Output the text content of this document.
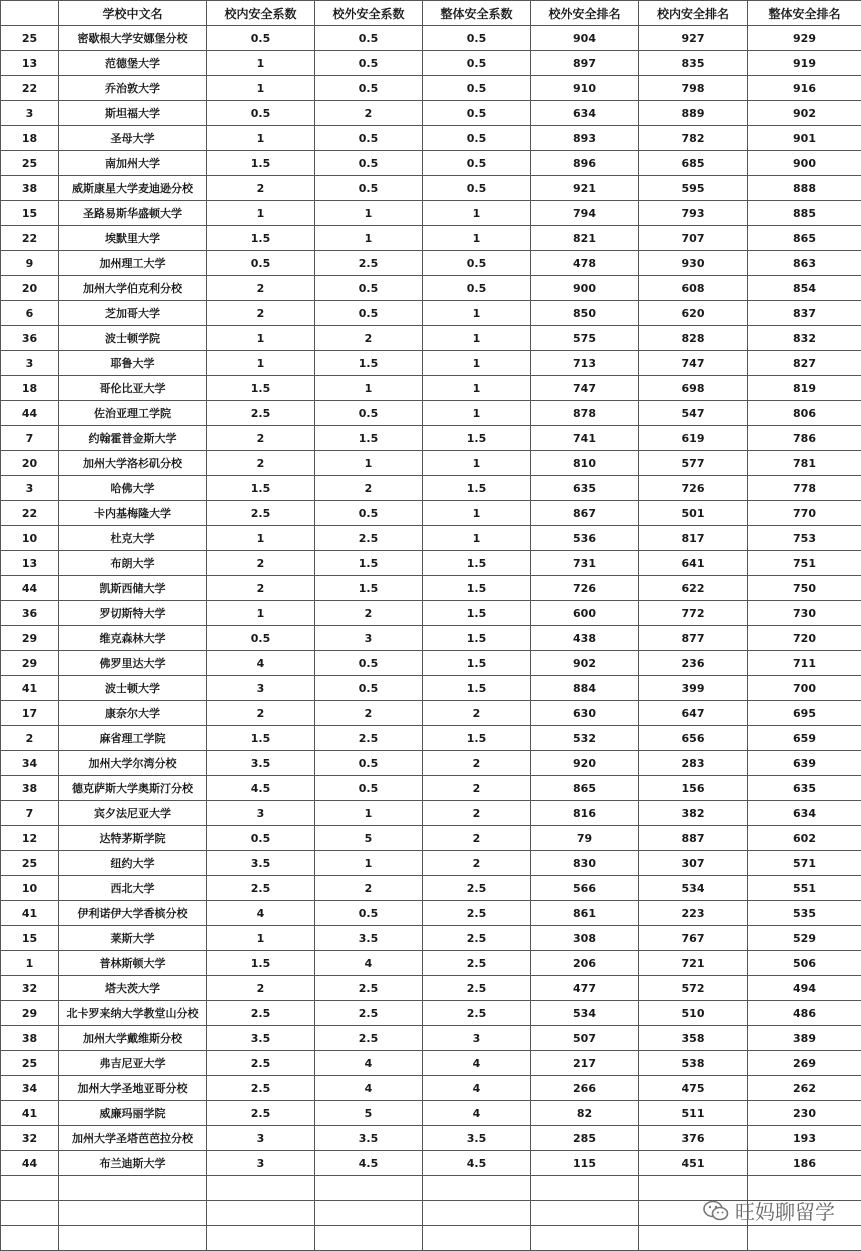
	学校中文名	校内安全系数	校外安全系数	整体安全系数	校外安全排名	校内安全排名	整体安全排名
25	密歇根大学安娜堡分校	0.5	0.5	0.5	904	927	929
13	范德堡大学	1	0.5	0.5	897	835	919
22	乔治敦大学	1	0.5	0.5	910	798	916
3	斯坦福大学	0.5	2	0.5	634	889	902
18	圣母大学	1	0.5	0.5	893	782	901
25	南加州大学	1.5	0.5	0.5	896	685	900
38	威斯康星大学麦迪逊分校	2	0.5	0.5	921	595	888
15	圣路易斯华盛顿大学	1	1	1	794	793	885
22	埃默里大学	1.5	1	1	821	707	865
9	加州理工大学	0.5	2.5	0.5	478	930	863
20	加州大学伯克利分校	2	0.5	0.5	900	608	854
6	芝加哥大学	2	0.5	1	850	620	837
36	波士顿学院	1	2	1	575	828	832
3	耶鲁大学	1	1.5	1	713	747	827
18	哥伦比亚大学	1.5	1	1	747	698	819
44	佐治亚理工学院	2.5	0.5	1	878	547	806
7	约翰霍普金斯大学	2	1.5	1.5	741	619	786
20	加州大学洛杉矶分校	2	1	1	810	577	781
3	哈佛大学	1.5	2	1.5	635	726	778
22	卡内基梅隆大学	2.5	0.5	1	867	501	770
10	杜克大学	1	2.5	1	536	817	753
13	布朗大学	2	1.5	1.5	731	641	751
44	凯斯西储大学	2	1.5	1.5	726	622	750
36	罗切斯特大学	1	2	1.5	600	772	730
29	维克森林大学	0.5	3	1.5	438	877	720
29	佛罗里达大学	4	0.5	1.5	902	236	711
41	波士顿大学	3	0.5	1.5	884	399	700
17	康奈尔大学	2	2	2	630	647	695
2	麻省理工学院	1.5	2.5	1.5	532	656	659
34	加州大学尔湾分校	3.5	0.5	2	920	283	639
38	德克萨斯大学奥斯汀分校	4.5	0.5	2	865	156	635
7	宾夕法尼亚大学	3	1	2	816	382	634
12	达特茅斯学院	0.5	5	2	79	887	602
25	纽约大学	3.5	1	2	830	307	571
10	西北大学	2.5	2	2.5	566	534	551
41	伊利诺伊大学香槟分校	4	0.5	2.5	861	223	535
15	莱斯大学	1	3.5	2.5	308	767	529
1	普林斯顿大学	1.5	4	2.5	206	721	506
32	塔夫茨大学	2	2.5	2.5	477	572	494
29	北卡罗来纳大学教堂山分校	2.5	2.5	2.5	534	510	486
38	加州大学戴维斯分校	3.5	2.5	3	507	358	389
25	弗吉尼亚大学	2.5	4	4	217	538	269
34	加州大学圣地亚哥分校	2.5	4	4	266	475	262
41	威廉玛丽学院	2.5	5	4	82	511	230
32	加州大学圣塔芭芭拉分校	3	3.5	3.5	285	376	193
44	布兰迪斯大学	3	4.5	4.5	115	451	186

旺妈聊留学
